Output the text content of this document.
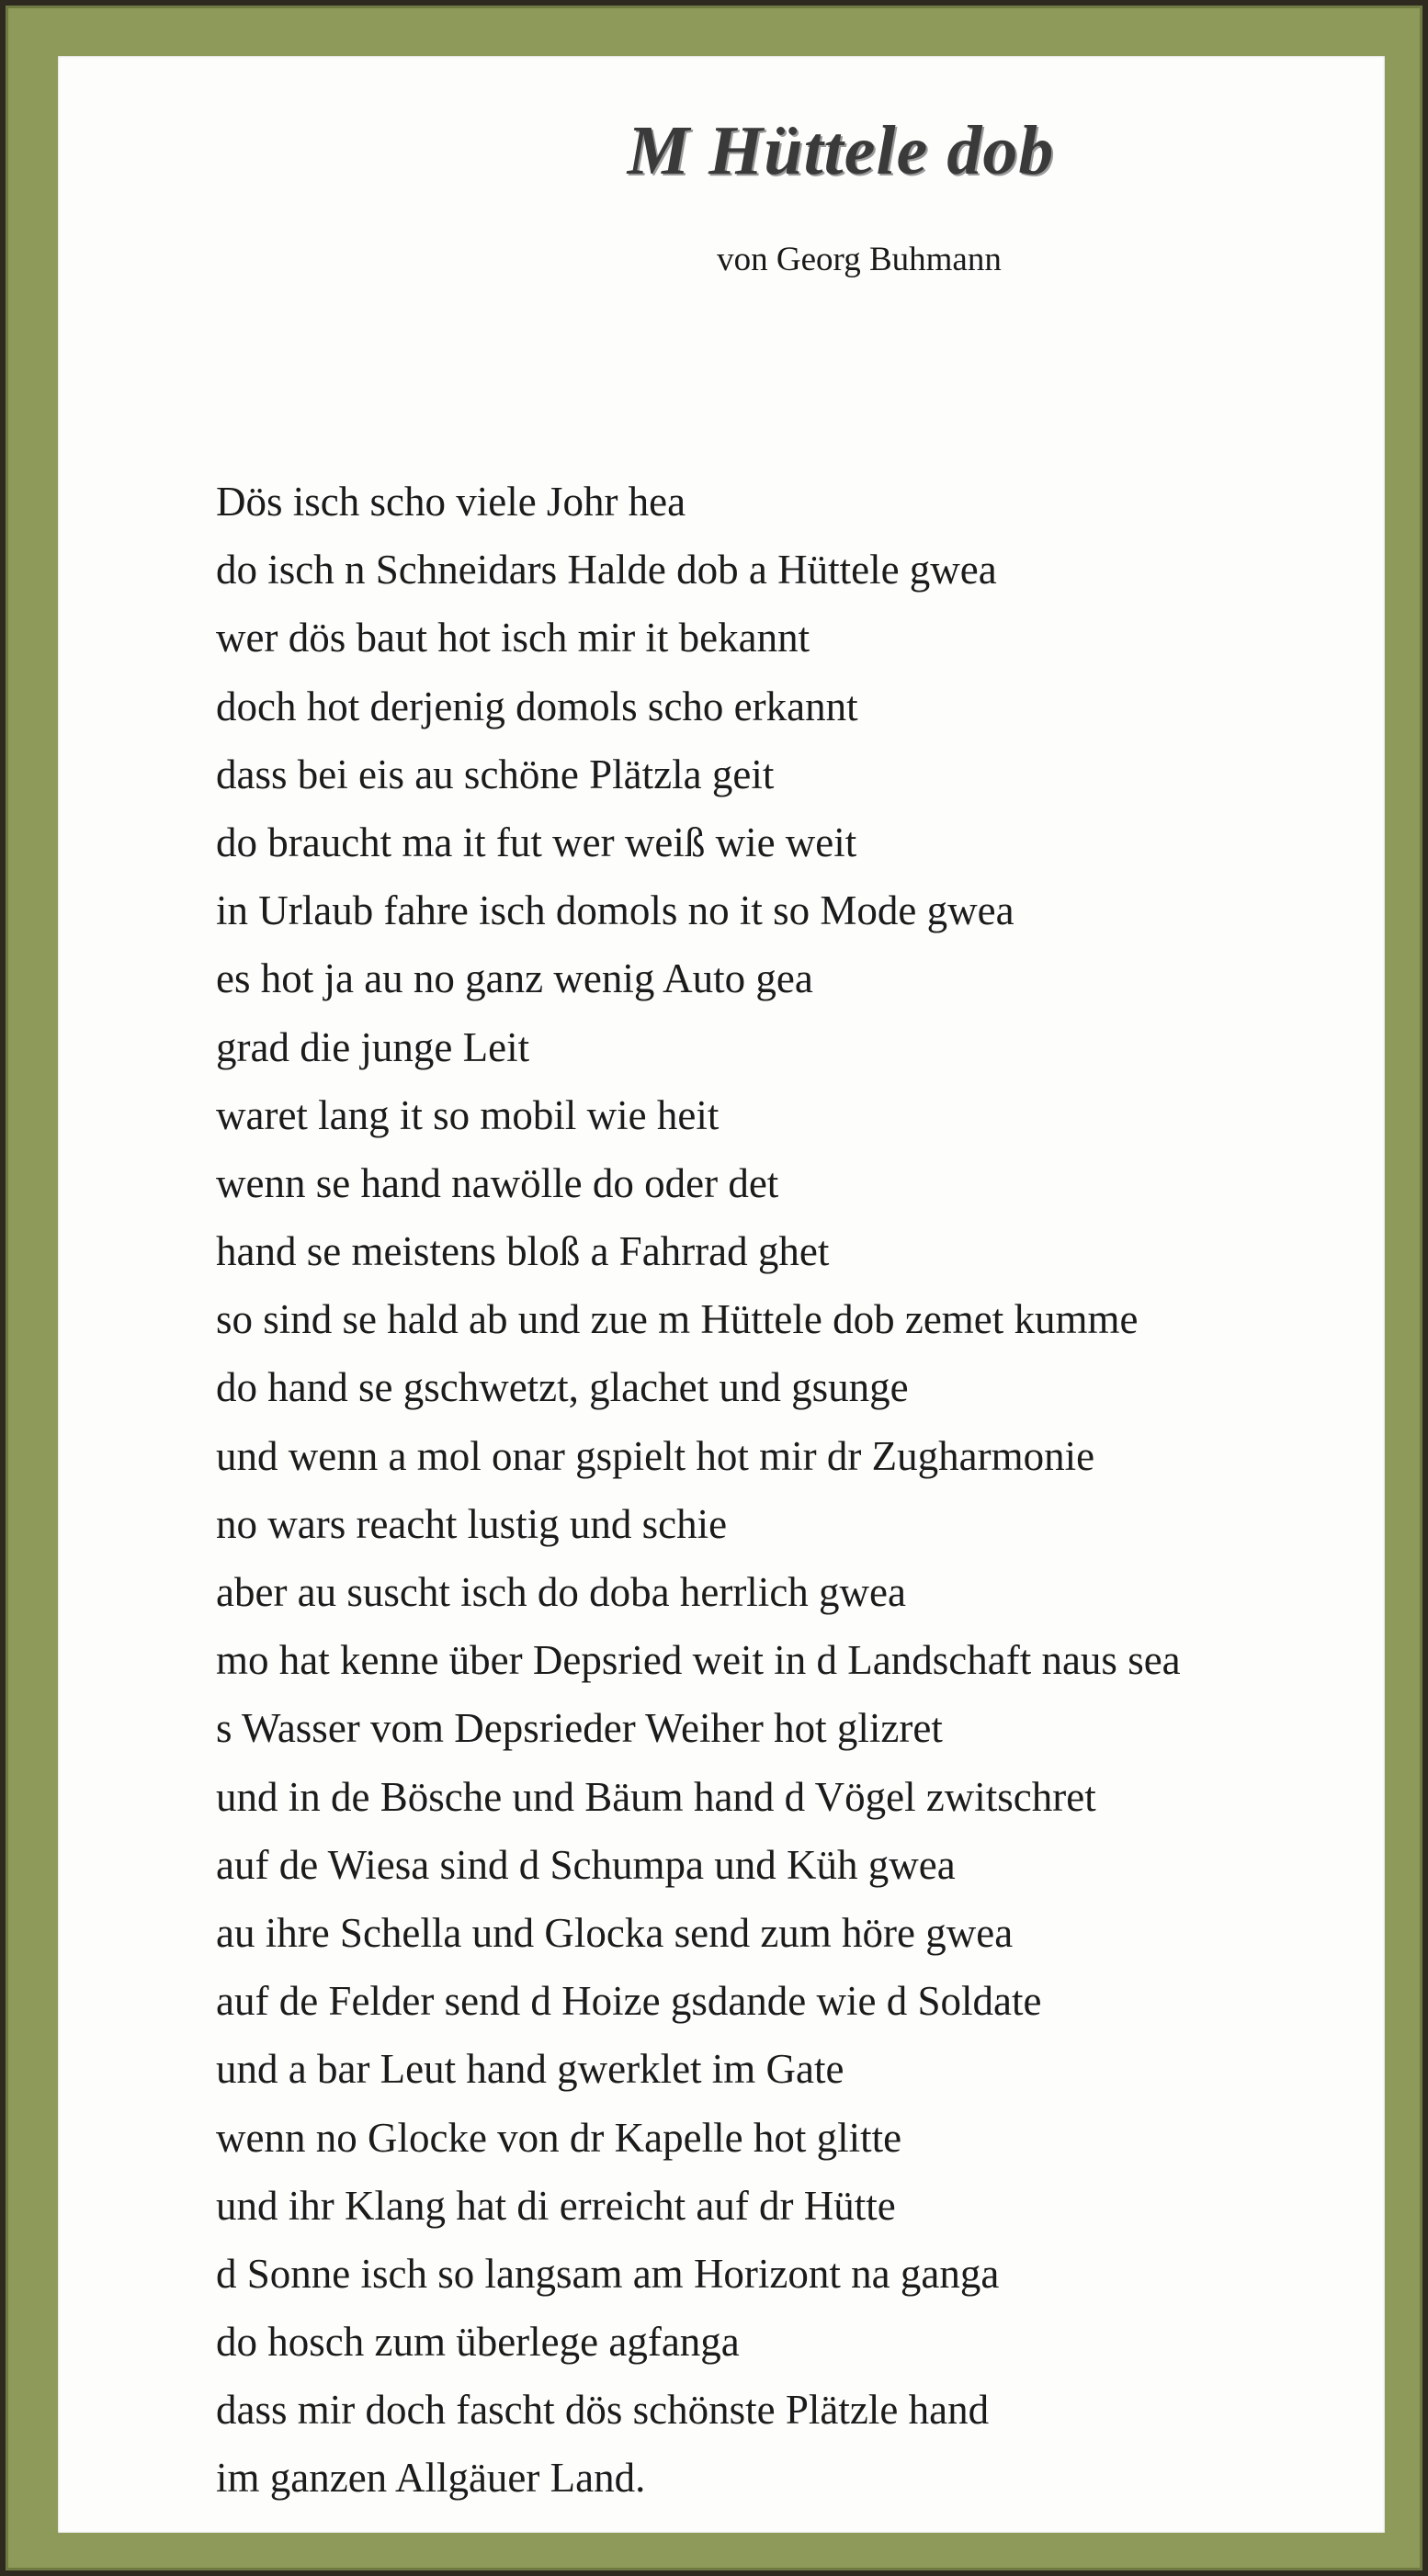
M Hüttele dob
von Georg Buhmann
Dös isch scho viele Johr hea
do isch n Schneidars Halde dob a Hüttele gwea
wer dös baut hot isch mir it bekannt
doch hot derjenig domols scho erkannt
dass bei eis au schöne Plätzla geit
do braucht ma it fut wer weiß wie weit
in Urlaub fahre isch domols no it so Mode gwea
es hot ja au no ganz wenig Auto gea
grad die junge Leit
waret lang it so mobil wie heit
wenn se hand nawölle do oder det
hand se meistens bloß a Fahrrad ghet
so sind se hald ab und zue m Hüttele dob zemet kumme
do hand se gschwetzt, glachet und gsunge
und wenn a mol onar gspielt hot mir dr Zugharmonie
no wars reacht lustig und schie
aber au suscht isch do doba herrlich gwea
mo hat kenne über Depsried weit in d Landschaft naus sea
s Wasser vom Depsrieder Weiher hot glizret
und in de Bösche und Bäum hand d Vögel zwitschret
auf de Wiesa sind d Schumpa und Küh gwea
au ihre Schella und Glocka send zum höre gwea
auf de Felder send d Hoize gsdande wie d Soldate
und a bar Leut hand gwerklet im Gate
wenn no Glocke von dr Kapelle hot glitte
und ihr Klang hat di erreicht auf dr Hütte
d Sonne isch so langsam am Horizont na ganga
do hosch zum überlege agfanga
dass mir doch fascht dös schönste Plätzle hand
im ganzen Allgäuer Land.
